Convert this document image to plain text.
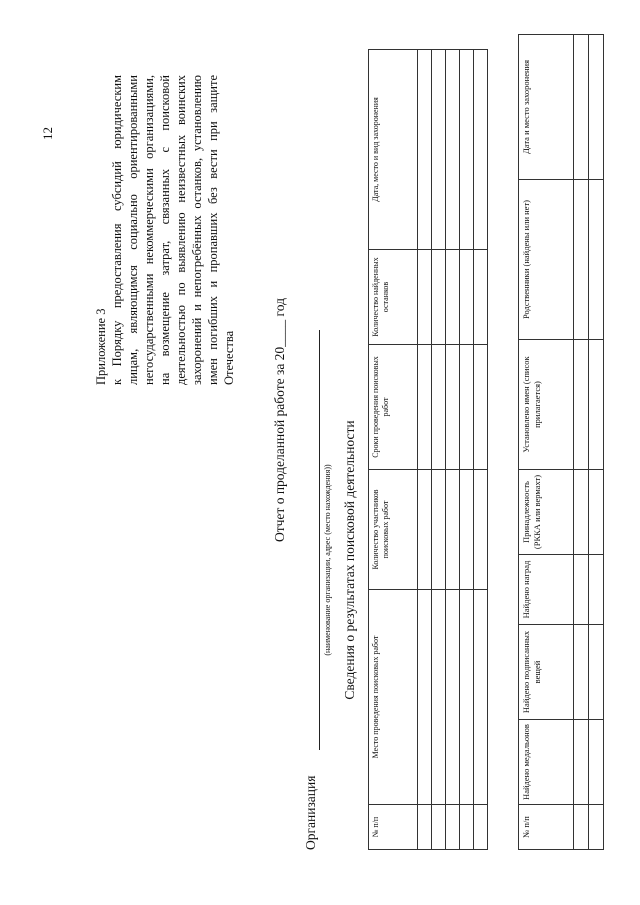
12
Приложение 3 к Порядку предоставления субсидий юридическим лицам, являющимся социально ориентированными негосударственными некоммерческими организациями, на возмещение затрат, связанных с поисковой деятельностью по выявлению неизвестных воинских захоронений и непогребённых останков, установлению имен погибших и пропавших без вести при защите Отечества	Отчет о проделанной работе за 20____ год
Организация
(наименование организации, адрес (место нахождения)) Сведения о результатах поисковой деятельности
№ п/п	Место проведения поисковых работ	Количество участников поисковых работ	Сроки проведения поисковых работ	Количество найденных останков	Дата, место и вид захоронения

№ п/п	Найдено медальонов	Найдено подписанных вещей	Найдено наград	Принадлежность (РККА или вермахт)	Установлено имен (список прилагается)	Родственники (найдены или нет)	Дата и место захоронения
